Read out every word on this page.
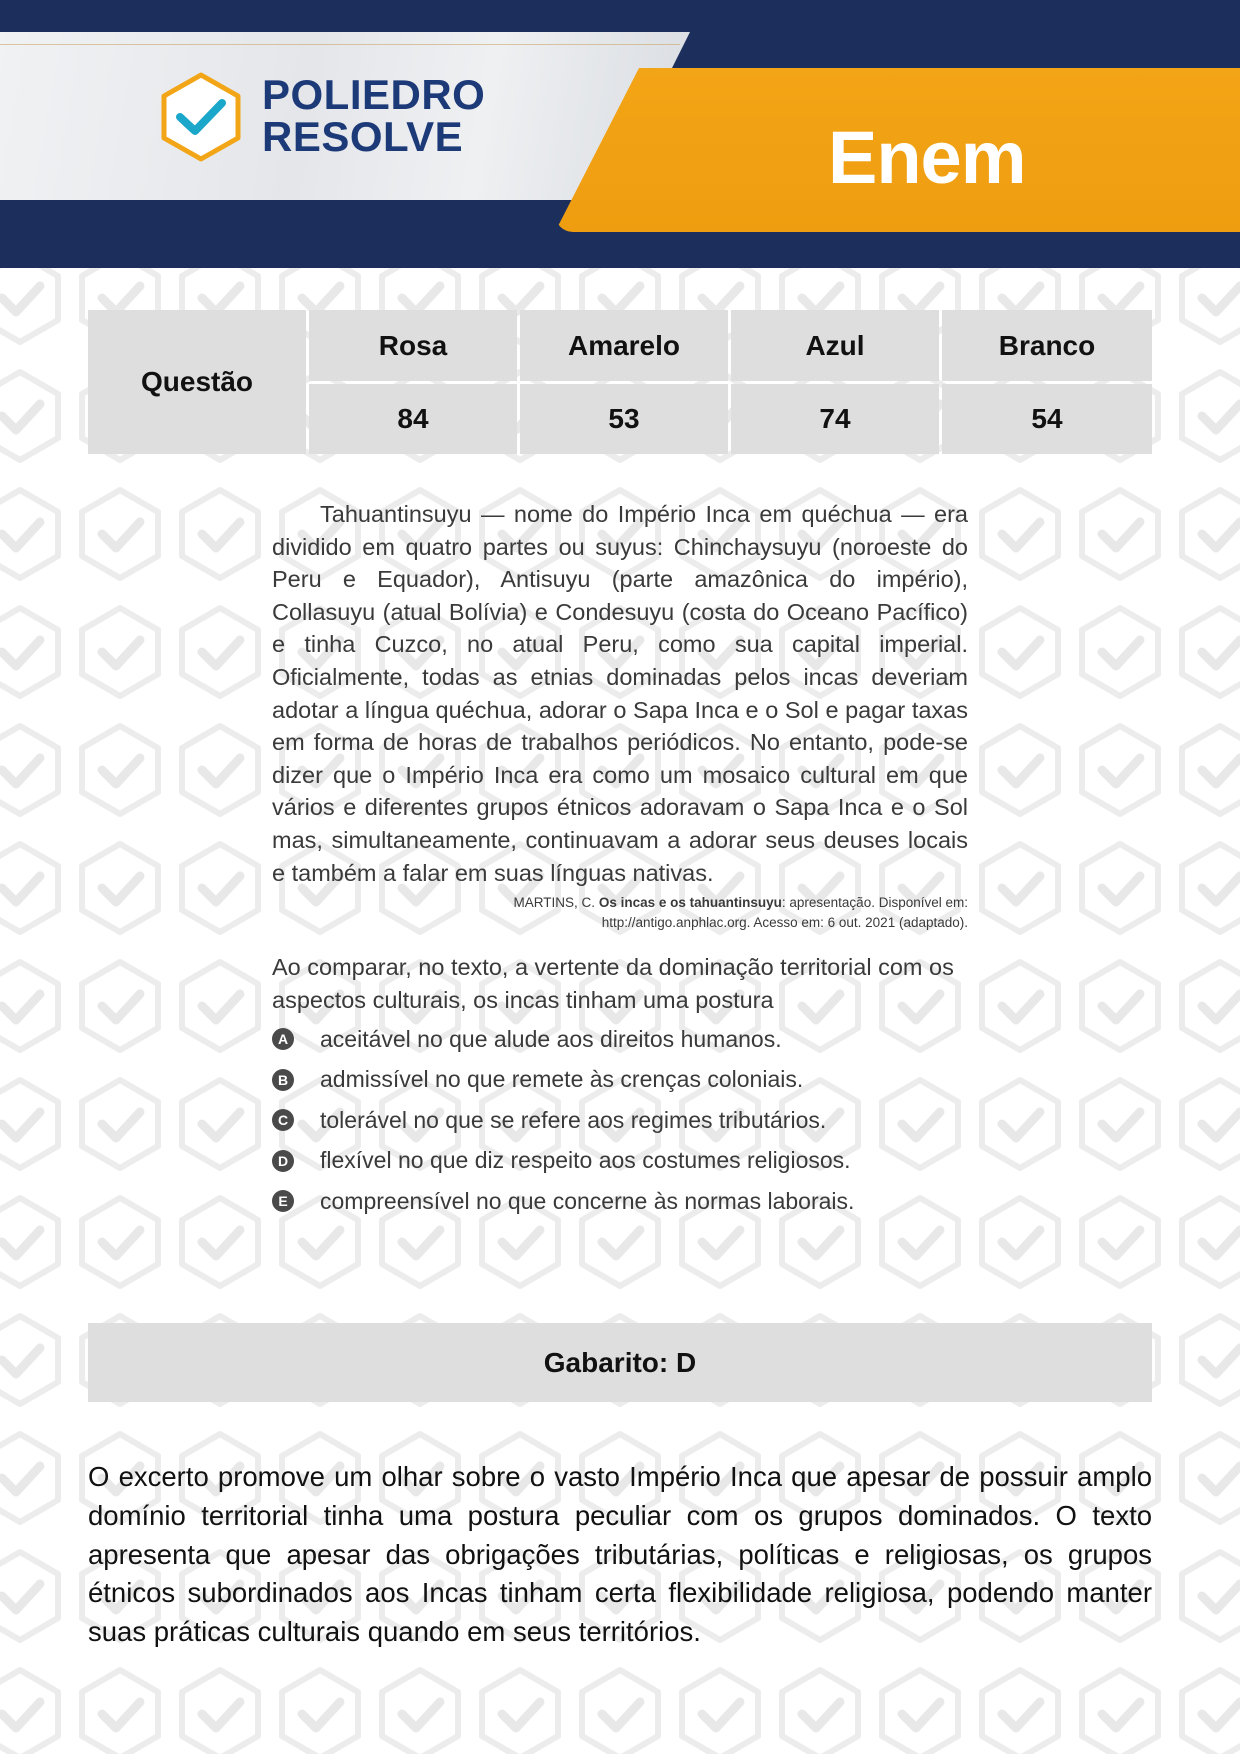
POLIEDRO
RESOLVE	Enem
Questão
Rosa	Amarelo	Azul	Branco
84	53	74	54

Tahuantinsuyu — nome do Império Inca em quéchua — era dividido em quatro partes ou suyus: Chinchaysuyu (noroeste do Peru e Equador), Antisuyu (parte amazônica do império), Collasuyu (atual Bolívia) e Condesuyu (costa do Oceano Pacífico) e tinha Cuzco, no atual Peru, como sua capital imperial. Oficialmente, todas as etnias dominadas pelos incas deveriam adotar a língua quéchua, adorar o Sapa Inca e o Sol e pagar taxas em forma de horas de trabalhos periódicos. No entanto, pode-se dizer que o Império Inca era como um mosaico cultural em que vários e diferentes grupos étnicos adoravam o Sapa Inca e o Sol mas, simultaneamente, continuavam a adorar seus deuses locais e também a falar em suas línguas nativas.

MARTINS, C. Os incas e os tahuantinsuyu: apresentação. Disponível em:
http://antigo.anphlac.org. Acesso em: 6 out. 2021 (adaptado).

Ao comparar, no texto, a vertente da dominação territorial com os aspectos culturais, os incas tinham uma postura

A aceitável no que alude aos direitos humanos.
B admissível no que remete às crenças coloniais.
C tolerável no que se refere aos regimes tributários.
D flexível no que diz respeito aos costumes religiosos.
E compreensível no que concerne às normas laborais.
Gabarito: D

O excerto promove um olhar sobre o vasto Império Inca que apesar de possuir amplo domínio territorial tinha uma postura peculiar com os grupos dominados. O texto apresenta que apesar das obrigações tributárias, políticas e religiosas, os grupos étnicos subordinados aos Incas tinham certa flexibilidade religiosa, podendo manter suas práticas culturais quando em seus territórios.
